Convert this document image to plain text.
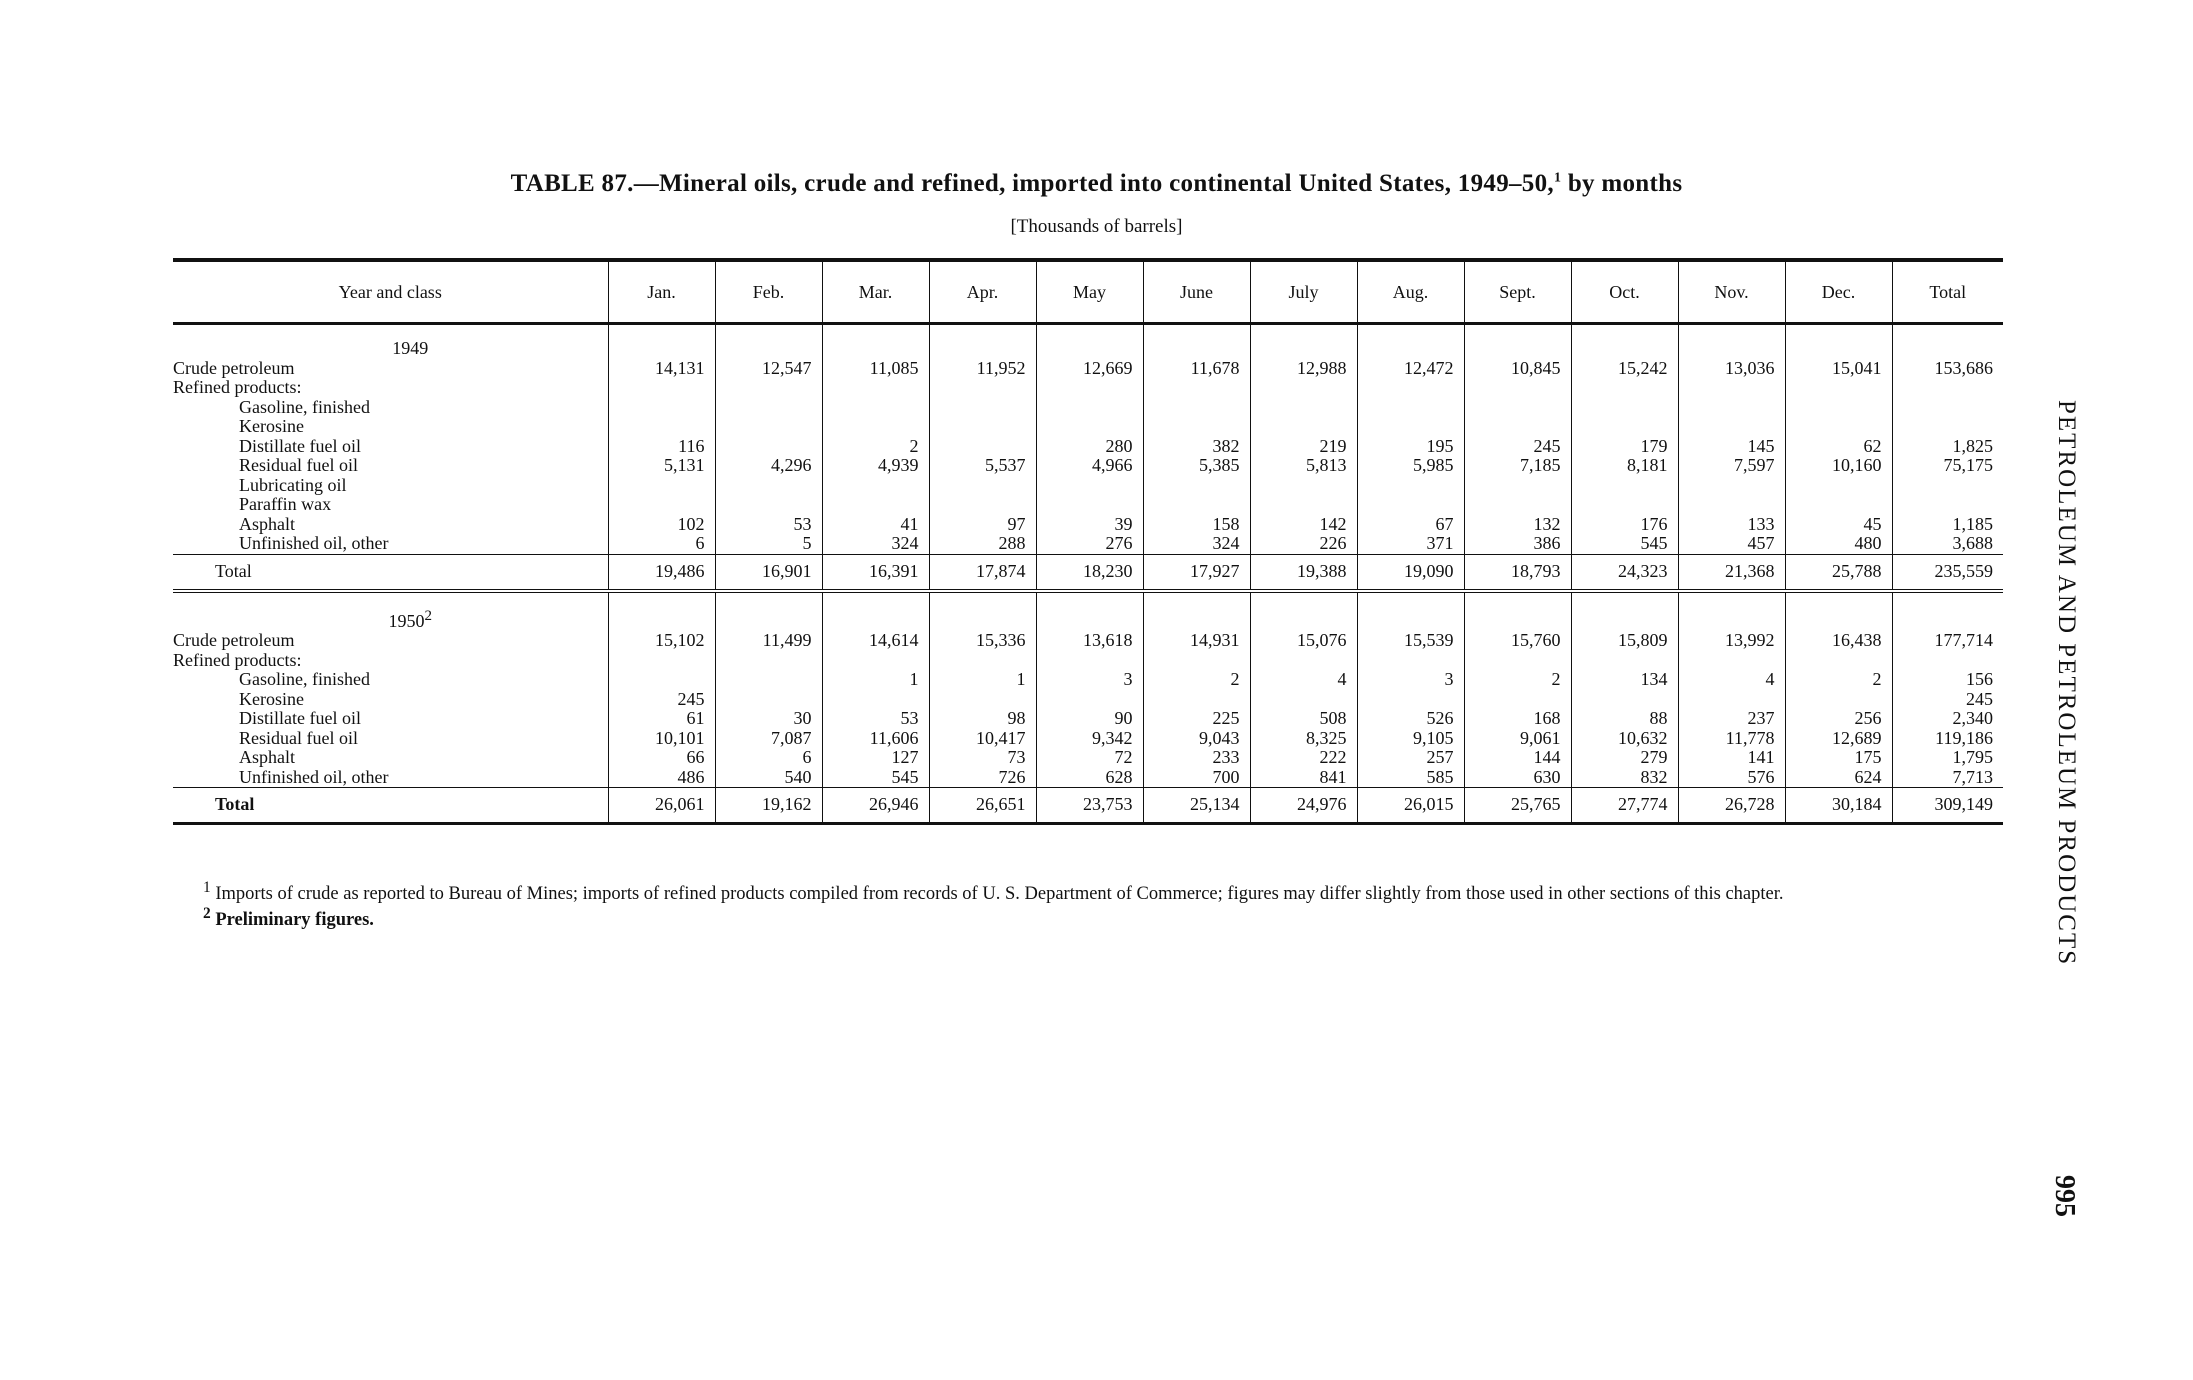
TABLE 87.—Mineral oils, crude and refined, imported into continental United States, 1949–50,$^1$ by months
[Thousands of barrels]
Year and class	Jan.	Feb.	Mar.	Apr.	May	June	July	Aug.	Sept.	Oct.	Nov.	Dec.	Total

1949													
Crude petroleum	14,131	12,547	11,085	11,952	12,669	11,678	12,988	12,472	10,845	15,242	13,036	15,041	153,686
Refined products:													
Gasoline, finished													
Kerosine													
Distillate fuel oil	116		2		280	382	219	195	245	179	145	62	1,825
Residual fuel oil	5,131	4,296	4,939	5,537	4,966	5,385	5,813	5,985	7,185	8,181	7,597	10,160	75,175
Lubricating oil													
Paraffin wax													
Asphalt	102	53	41	97	39	158	142	67	132	176	133	45	1,185
Unfinished oil, other	6	5	324	288	276	324	226	371	386	545	457	480	3,688
Total	19,486	16,901	16,391	17,874	18,230	17,927	19,388	19,090	18,793	24,323	21,368	25,788	235,559

1950$^2$													
Crude petroleum	15,102	11,499	14,614	15,336	13,618	14,931	15,076	15,539	15,760	15,809	13,992	16,438	177,714
Refined products:													
Gasoline, finished			1	1	3	2	4	3	2	134	4	2	156
Kerosine	245												245
Distillate fuel oil	61	30	53	98	90	225	508	526	168	88	237	256	2,340
Residual fuel oil	10,101	7,087	11,606	10,417	9,342	9,043	8,325	9,105	9,061	10,632	11,778	12,689	119,186
Asphalt	66	6	127	73	72	233	222	257	144	279	141	175	1,795
Unfinished oil, other	486	540	545	726	628	700	841	585	630	832	576	624	7,713
Total	26,061	19,162	26,946	26,651	23,753	25,134	24,976	26,015	25,765	27,774	26,728	30,184	309,149

$^1$ Imports of crude as reported to Bureau of Mines; imports of refined products compiled from records of U. S. Department of Commerce; figures may differ slightly from those used in other sections of this chapter.

$^2$ Preliminary figures.	PETROLEUM AND PETROLEUM PRODUCTS
995
